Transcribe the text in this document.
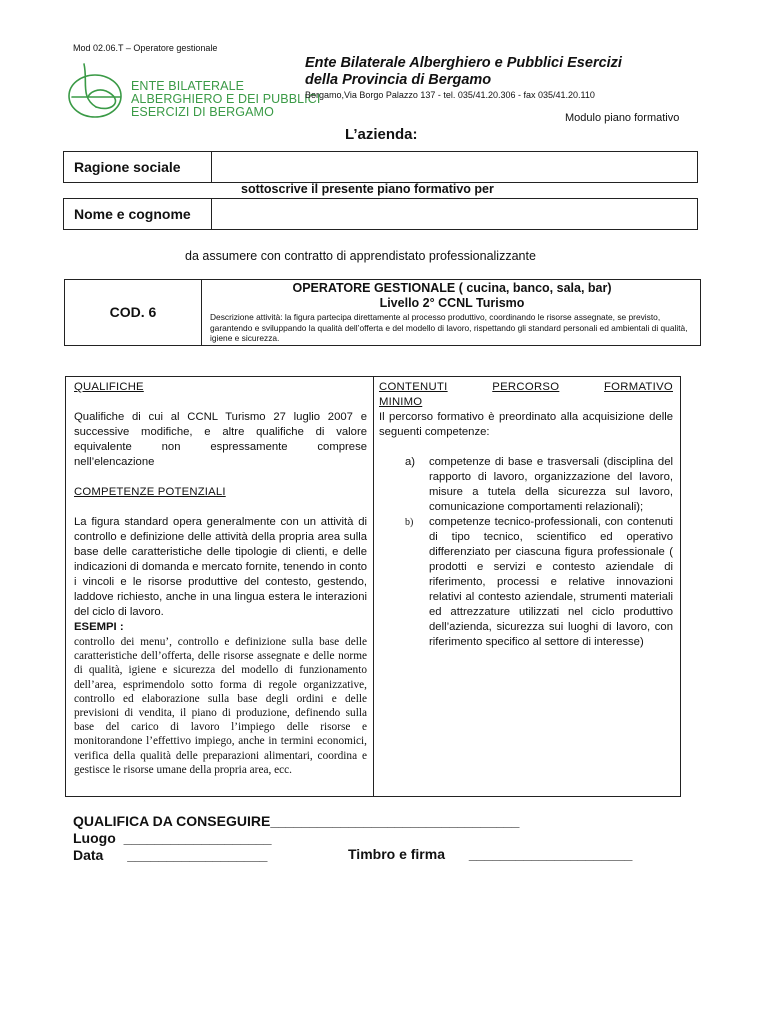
Mod 02.06.T – Operatore gestionale
ENTE BILATERALE
ALBERGHIERO E DEI PUBBLICI
ESERCIZI DI BERGAMO
Ente Bilaterale Alberghiero e Pubblici Esercizi
della Provincia di Bergamo
Bergamo,Via Borgo Palazzo 137 - tel. 035/41.20.306 - fax 035/41.20.110
Modulo piano formativo
L’azienda:
Ragione sociale
sottoscrive il presente piano formativo per
Nome e cognome
da assumere con contratto di apprendistato professionalizzante
COD. 6
OPERATORE GESTIONALE ( cucina, banco, sala, bar)
Livello 2° CCNL Turismo
Descrizione attività: la figura partecipa direttamente al processo produttivo, coordinando le risorse assegnate, se previsto, garantendo e sviluppando la qualità dell’offerta e del modello di lavoro, rispettando gli standard personali ed ambientali di qualità, igiene e sicurezza.
QUALIFICHE
Qualifiche di cui al CCNL Turismo 27 luglio 2007 e successive modifiche, e altre qualifiche di valore equivalente non espressamente comprese nell’elencazione
COMPETENZE POTENZIALI
La figura standard opera generalmente con un attività di controllo e definizione delle attività della propria area sulla base delle caratteristiche delle tipologie di clienti, e delle indicazioni di domanda e mercato fornite, tenendo in conto i vincoli e le risorse produttive del contesto, gestendo, laddove richiesto, anche in una lingua estera le interazioni del ciclo di lavoro.
ESEMPI :
controllo dei menu’, controllo e definizione sulla base delle caratteristiche dell’offerta, delle risorse assegnate e delle norme di qualità, igiene e sicurezza del modello di funzionamento dell’area, esprimendolo sotto forma di regole organizzative, controllo ed elaborazione sulla base degli ordini e delle previsioni di vendita, il piano di produzione, definendo sulla base del carico di lavoro l’impiego delle risorse e monitorandone l’effettivo impiego, anche in termini economici, verifica della qualità delle preparazioni alimentari, coordina e gestisce le risorse umane della propria area, ecc.
CONTENUTI	PERCORSO	FORMATIVO
MINIMO
Il percorso formativo è preordinato alla acquisizione delle seguenti competenze:
a) competenze di base e trasversali (disciplina del rapporto di lavoro, organizzazione del lavoro, misure a tutela della sicurezza sul lavoro, comunicazione comportamenti relazionali);
b) competenze tecnico-professionali, con contenuti di tipo tecnico, scientifico ed operativo differenziato per ciascuna figura professionale ( prodotti e servizi e contesto aziendale di riferimento, processi e relative innovazioni relativi al contesto aziendale, strumenti materiali ed attrezzature utilizzati nel ciclo produttivo dell’azienda, sicurezza sui luoghi di lavoro, con riferimento specifico al settore di interesse)
QUALIFICA DA CONSEGUIRE________________________________
Luogo ___________________
Data __________________	Timbro e firma _____________________
